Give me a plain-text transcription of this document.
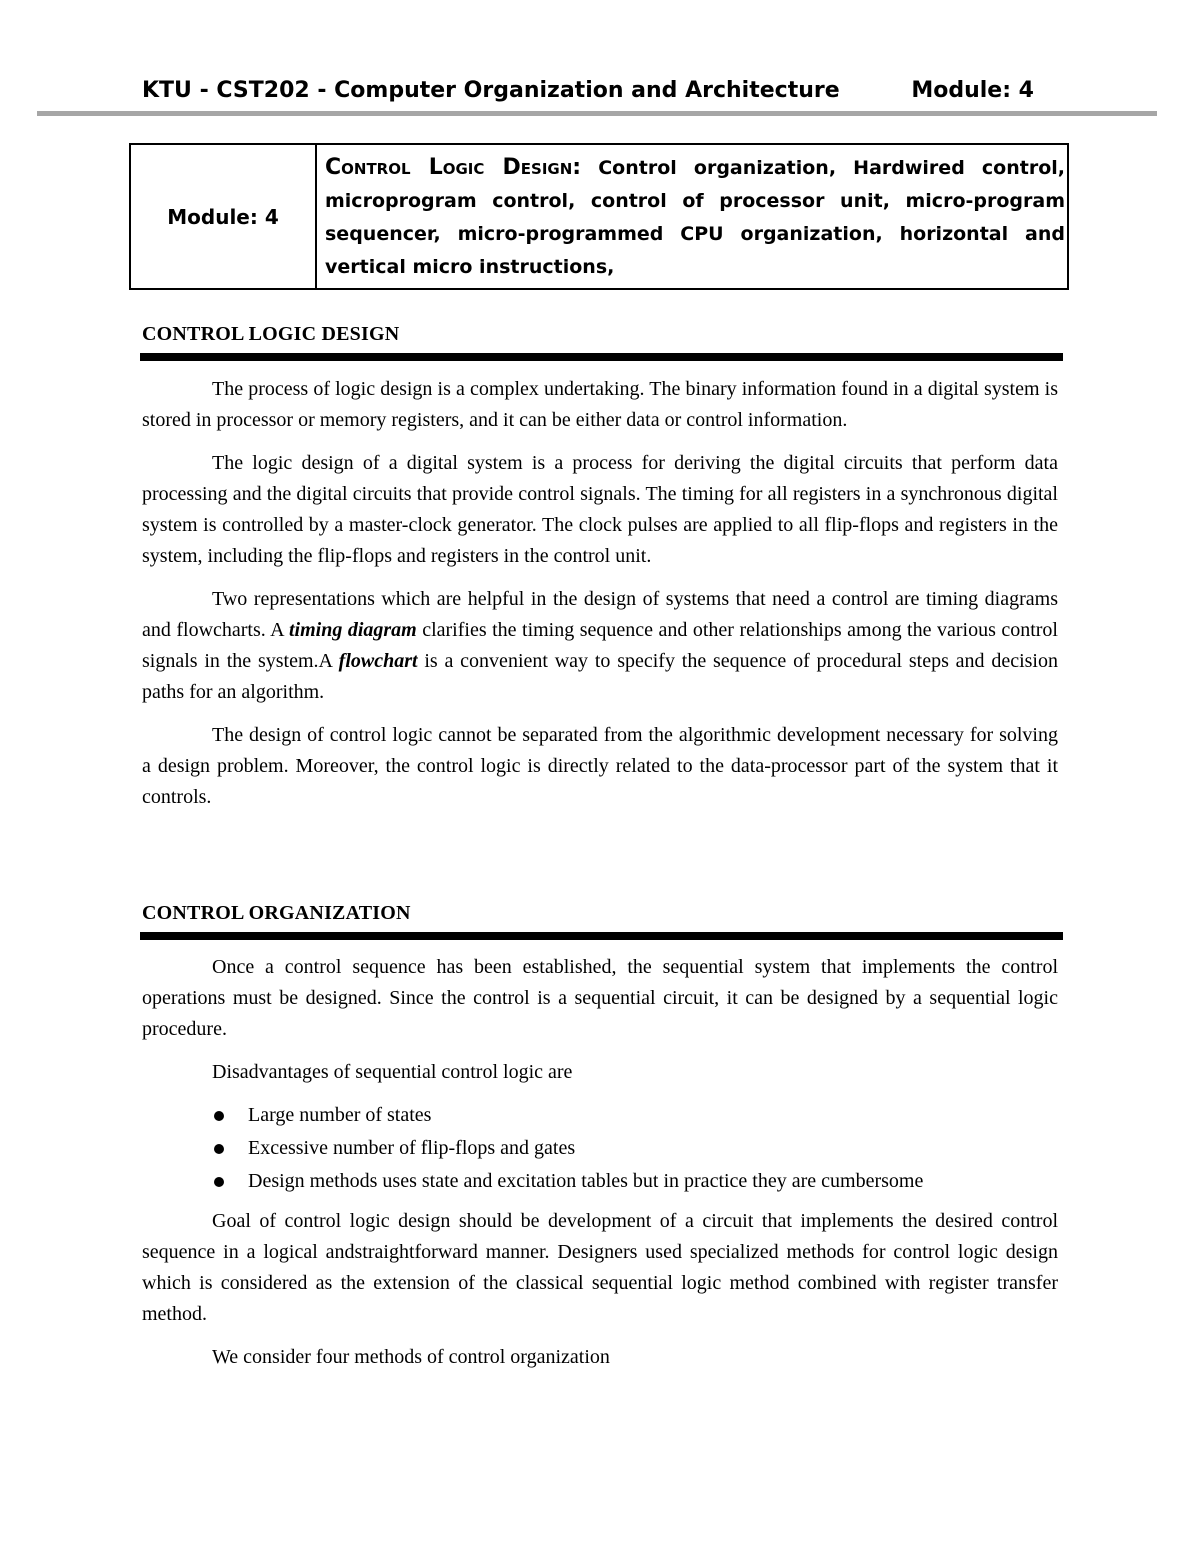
KTU - CST202 - Computer Organization and Architecture	Module: 4
Module: 4	Control Logic Design: Control organization, Hardwired control, microprogram control, control of processor unit, micro-program sequencer, micro-programmed CPU organization, horizontal and vertical micro instructions,
CONTROL LOGIC DESIGN

The process of logic design is a complex undertaking. The binary information found in a digital system is stored in processor or memory registers, and it can be either data or control information.

The logic design of a digital system is a process for deriving the digital circuits that perform data processing and the digital circuits that provide control signals. The timing for all registers in a synchronous digital system is controlled by a master-clock generator. The clock pulses are applied to all flip-flops and registers in the system, including the flip-flops and registers in the control unit.

Two representations which are helpful in the design of systems that need a control are timing diagrams and flowcharts. A timing diagram clarifies the timing sequence and other relationships among the various control signals in the system.A flowchart is a convenient way to specify the sequence of procedural steps and decision paths for an algorithm.

The design of control logic cannot be separated from the algorithmic development necessary for solving a design problem. Moreover, the control logic is directly related to the data-processor part of the system that it controls.

CONTROL ORGANIZATION

Once a control sequence has been established, the sequential system that implements the control operations must be designed. Since the control is a sequential circuit, it can be designed by a sequential logic procedure.

Disadvantages of sequential control logic are

Large number of states
Excessive number of flip-flops and gates
Design methods uses state and excitation tables but in practice they are cumbersome

Goal of control logic design should be development of a circuit that implements the desired control sequence in a logical andstraightforward manner. Designers used specialized methods for control logic design which is considered as the extension of the classical sequential logic method combined with register transfer method.

We consider four methods of control organization
